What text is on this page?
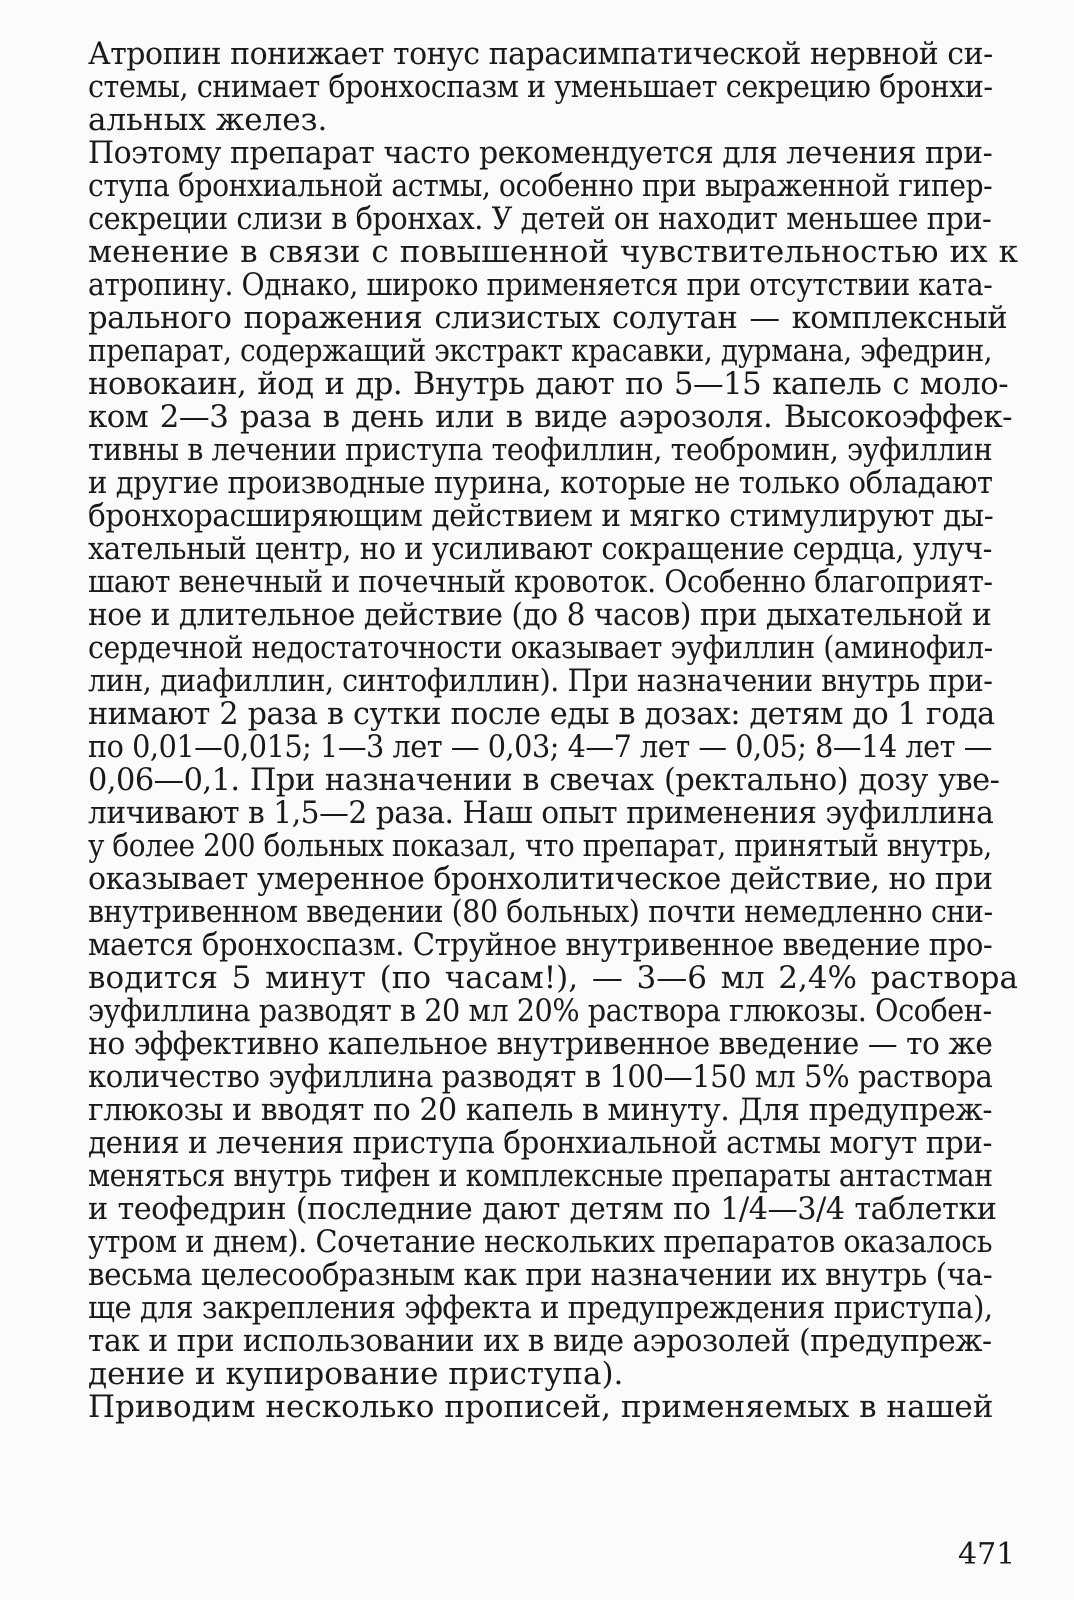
Атропин понижает тонус парасимпатической нервной си-
стемы, снимает бронхоспазм и уменьшает секрецию бронхи-
альных желез.
Поэтому препарат часто рекомендуется для лечения при-
ступа бронхиальной астмы, особенно при выраженной гипер-
секреции слизи в бронхах. У детей он находит меньшее при-
менение в связи с повышенной чувствительностью их к
атропину. Однако, широко применяется при отсутствии ката-
рального поражения слизистых солутан — комплексный
препарат, содержащий экстракт красавки, дурмана, эфедрин,
новокаин, йод и др. Внутрь дают по 5—15 капель с моло-
ком 2—3 раза в день или в виде аэрозоля. Высокоэффек-
тивны в лечении приступа теофиллин, теобромин, эуфиллин
и другие производные пурина, которые не только обладают
бронхорасширяющим действием и мягко стимулируют ды-
хательный центр, но и усиливают сокращение сердца, улуч-
шают венечный и почечный кровоток. Особенно благоприят-
ное и длительное действие (до 8 часов) при дыхательной и
сердечной недостаточности оказывает эуфиллин (аминофил-
лин, диафиллин, синтофиллин). При назначении внутрь при-
нимают 2 раза в сутки после еды в дозах: детям до 1 года
по 0,01—0,015; 1—3 лет — 0,03; 4—7 лет — 0,05; 8—14 лет —
0,06—0,1. При назначении в свечах (ректально) дозу уве-
личивают в 1,5—2 раза. Наш опыт применения эуфиллина
у более 200 больных показал, что препарат, принятый внутрь,
оказывает умеренное бронхолитическое действие, но при
внутривенном введении (80 больных) почти немедленно сни-
мается бронхоспазм. Струйное внутривенное введение про-
водится 5 минут (по часам!), — 3—6 мл 2,4% раствора
эуфиллина разводят в 20 мл 20% раствора глюкозы. Особен-
но эффективно капельное внутривенное введение — то же
количество эуфиллина разводят в 100—150 мл 5% раствора
глюкозы и вводят по 20 капель в минуту. Для предупреж-
дения и лечения приступа бронхиальной астмы могут при-
меняться внутрь тифен и комплексные препараты антастман
и теофедрин (последние дают детям по 1/4—3/4 таблетки
утром и днем). Сочетание нескольких препаратов оказалось
весьма целесообразным как при назначении их внутрь (ча-
ще для закрепления эффекта и предупреждения приступа),
так и при использовании их в виде аэрозолей (предупреж-
дение и купирование приступа).
Приводим несколько прописей, применяемых в нашей
471
